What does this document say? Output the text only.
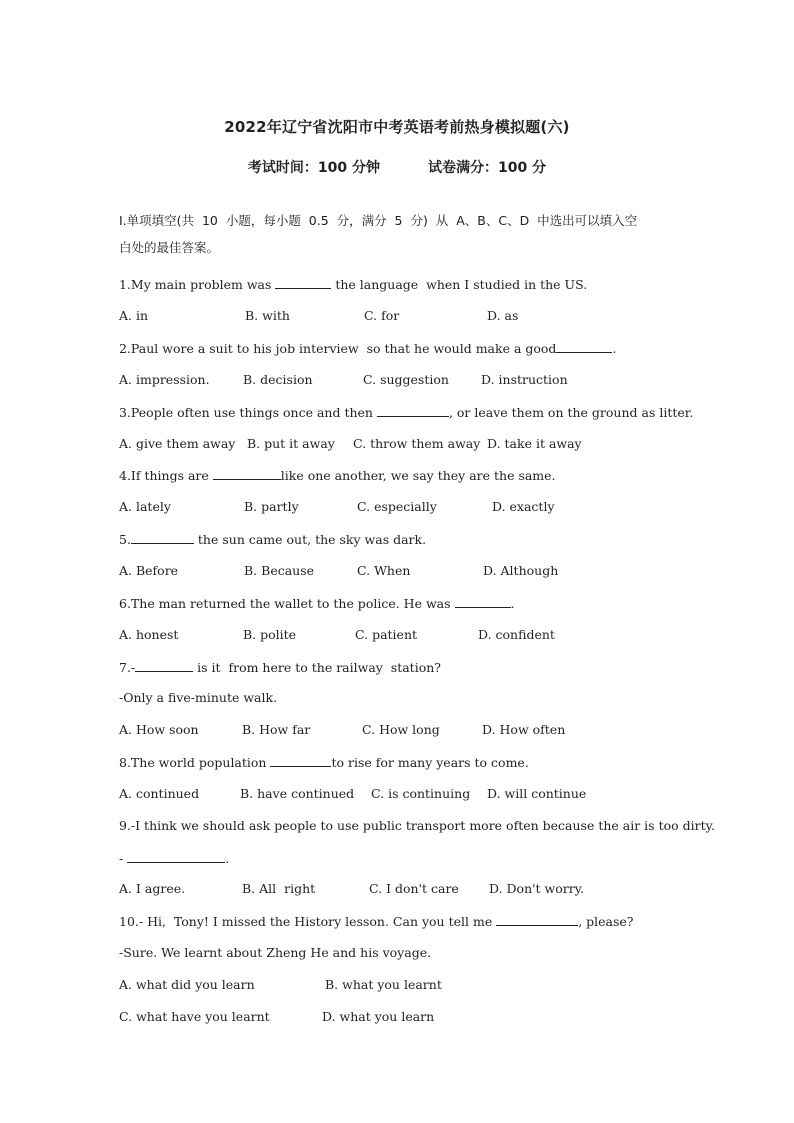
2022年辽宁省沈阳市中考英语考前热身模拟题(六)
考试时间：100 分钟	试卷满分：100 分
I.单项填空(共  10  小题，每小题  0.5  分，满分  5  分)  从  A、B、C、D  中选出可以填入空
白处的最佳答案。
1.My main problem was	the language  when I studied in the US.
A. in	B. with	C. for	D. as
2.Paul wore a suit to his job interview  so that he would make a good	.
A. impression.	B. decision	C. suggestion	D. instruction
3.People often use things once and then	, or leave them on the ground as litter.
A. give them away B. put it away C. throw them away D. take it away
4.If things are	like one another, we say they are the same.
A. lately	B. partly	C. especially	D. exactly
5.	the sun came out, the sky was dark.
A. Before	B. Because	C. When	D. Although
6.The man returned the wallet to the police. He was	.
A. honest	B. polite	C. patient	D. confident
7.-	is it  from here to the railway  station?
-Only a five-minute walk.
A. How soon	B. How far	C. How long	D. How often
8.The world population	to rise for many years to come.
A. continued	B. have continued C. is continuing D. will continue
9.-I think we should ask people to use public transport more often because the air is too dirty.
-	.
A. I agree.	B. All  right	C. I don't care D. Don't worry.
10.- Hi,  Tony! I missed the History lesson. Can you tell me	, please?
-Sure. We learnt about Zheng He and his voyage.
A. what did you learn	B. what you learnt
C. what have you learnt	D. what you learn
